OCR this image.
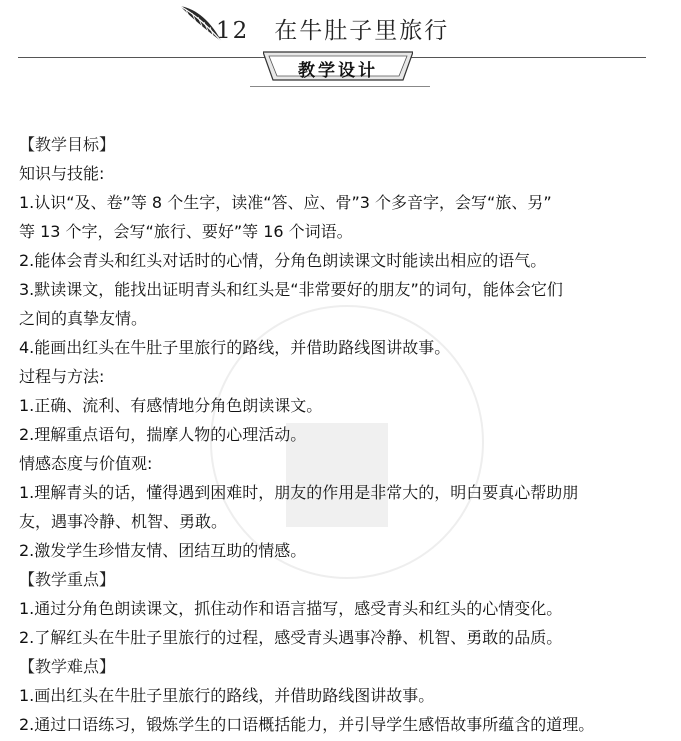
12　在牛肚子里旅行
教学设计
【教学目标】
知识与技能:
1.认识“及、卷”等 8 个生字，读准“答、应、骨”3 个多音字，会写“旅、另”
等 13 个字，会写“旅行、要好”等 16 个词语。
2.能体会青头和红头对话时的心情，分角色朗读课文时能读出相应的语气。
3.默读课文，能找出证明青头和红头是“非常要好的朋友”的词句，能体会它们
之间的真挚友情。
4.能画出红头在牛肚子里旅行的路线，并借助路线图讲故事。
过程与方法:
1.正确、流利、有感情地分角色朗读课文。
2.理解重点语句，揣摩人物的心理活动。
情感态度与价值观:
1.理解青头的话，懂得遇到困难时，朋友的作用是非常大的，明白要真心帮助朋
友，遇事冷静、机智、勇敢。
2.激发学生珍惜友情、团结互助的情感。
【教学重点】
1.通过分角色朗读课文，抓住动作和语言描写，感受青头和红头的心情变化。
2.了解红头在牛肚子里旅行的过程，感受青头遇事冷静、机智、勇敢的品质。
【教学难点】
1.画出红头在牛肚子里旅行的路线，并借助路线图讲故事。
2.通过口语练习，锻炼学生的口语概括能力，并引导学生感悟故事所蕴含的道理。
